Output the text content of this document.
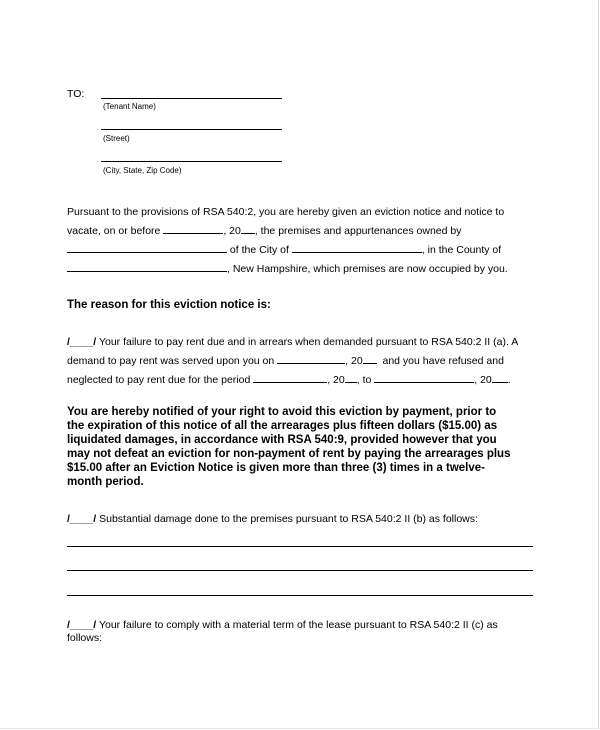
TO:
(Tenant Name)
(Street)
(City, State, Zip Code)
Pursuant to the provisions of RSA 540:2, you are hereby given an eviction notice and notice to
vacate, on or before	, 20 , the premises and appurtenances owned by
of the City of	, in the County of
, New Hampshire, which premises are now occupied by you.
The reason for this eviction notice is:
/____/ Your failure to pay rent due and in arrears when demanded pursuant to RSA 540:2 II (a). A
demand to pay rent was served upon you on	, 20 and you have refused and
neglected to pay rent due for the period	, 20 , to	, 20 .
You are hereby notified of your right to avoid this eviction by payment, prior to
the expiration of this notice of all the arrearages plus fifteen dollars ($15.00) as
liquidated damages, in accordance with RSA 540:9, provided however that you
may not defeat an eviction for non-payment of rent by paying the arrearages plus
$15.00 after an Eviction Notice is given more than three (3) times in a twelve-
month period.
/____/ Substantial damage done to the premises pursuant to RSA 540:2 II (b) as follows:
/____/ Your failure to comply with a material term of the lease pursuant to RSA 540:2 II (c) as
follows:
